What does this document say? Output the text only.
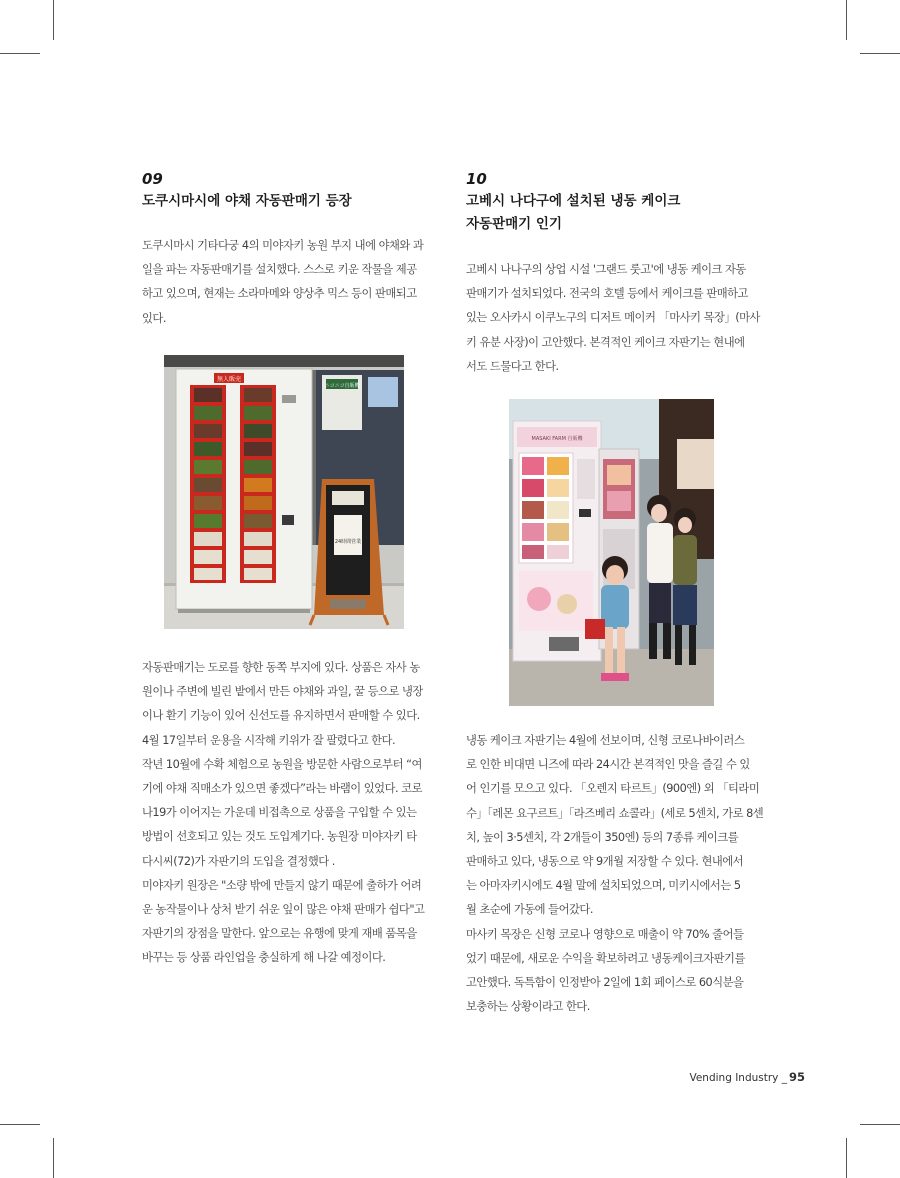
09
도쿠시마시에 야채 자동판매기 등장

도쿠시마시 기타다궁 4의 미야자키 농원 부지 내에 야채와 과

일을 파는 자동판매기를 설치했다. 스스로 키운 작물을 제공

하고 있으며, 현재는 소라마메와 양상추 믹스 등이 판매되고

있다.

자동판매기는 도로를 향한 동쪽 부지에 있다. 상품은 자사 농

원이나 주변에 빌린 밭에서 만든 야채와 과일, 꿀 등으로 냉장

이나 환기 기능이 있어 신선도를 유지하면서 판매할 수 있다.

4월 17일부터 운용을 시작해 키위가 잘 팔렸다고 한다.

작년 10월에 수확 체험으로 농원을 방문한 사람으로부터 “여

기에 야채 직매소가 있으면 좋겠다”라는 바램이 있었다. 코로

나19가 이어지는 가운데 비접촉으로 상품을 구입할 수 있는

방법이 선호되고 있는 것도 도입계기다. 농원장 미야자키 타

다시씨(72)가 자판기의 도입을 결정했다 .

미야자키 원장은 "소량 밖에 만들지 않기 때문에 출하가 어려

운 농작물이나 상처 받기 쉬운 잎이 많은 야채 판매가 쉽다"고

자판기의 장점을 말한다. 앞으로는 유행에 맞게 재배 품목을

바꾸는 등 상품 라인업을 충실하게 해 나갈 예정이다.

無人販売
ニコニコ自販機
24時間営業
10
고베시 나다구에 설치된 냉동 케이크
자동판매기 인기

고베시 나나구의 상업 시설 '그랜드 룻고'에 냉동 케이크 자동

판매기가 설치되었다. 전국의 호텔 등에서 케이크를 판매하고

있는 오사카시 이쿠노구의 디저트 메이커 「마사키 목장」(마사

키 유분 사장)이 고안했다. 본격적인 케이크 자판기는 현내에

서도 드물다고 한다.

냉동 케이크 자판기는 4월에 선보이며, 신형 코로나바이러스

로 인한 비대면 니즈에 따라 24시간 본격적인 맛을 즐길 수 있

어 인기를 모으고 있다. 「오렌지 타르트」(900엔) 외 「티라미

수」「레몬 요구르트」「라즈베리 쇼콜라」(세로 5센치, 가로 8센

치, 높이 3·5센치, 각 2개들이 350엔) 등의 7종류 케이크를

판매하고 있다, 냉동으로 약 9개월 저장할 수 있다. 현내에서

는 아마자키시에도 4월 말에 설치되었으며, 미키시에서는 5

월 초순에 가동에 들어갔다.

마사키 목장은 신형 코로나 영향으로 매출이 약 70% 줄어들

었기 때문에, 새로운 수익을 확보하려고 냉동케이크자판기를

고안했다. 독특함이 인정받아 2일에 1회 페이스로 60식분을

보충하는 상황이라고 한다.

MASAKI FARM 自販機
Vending Industry _ 95
